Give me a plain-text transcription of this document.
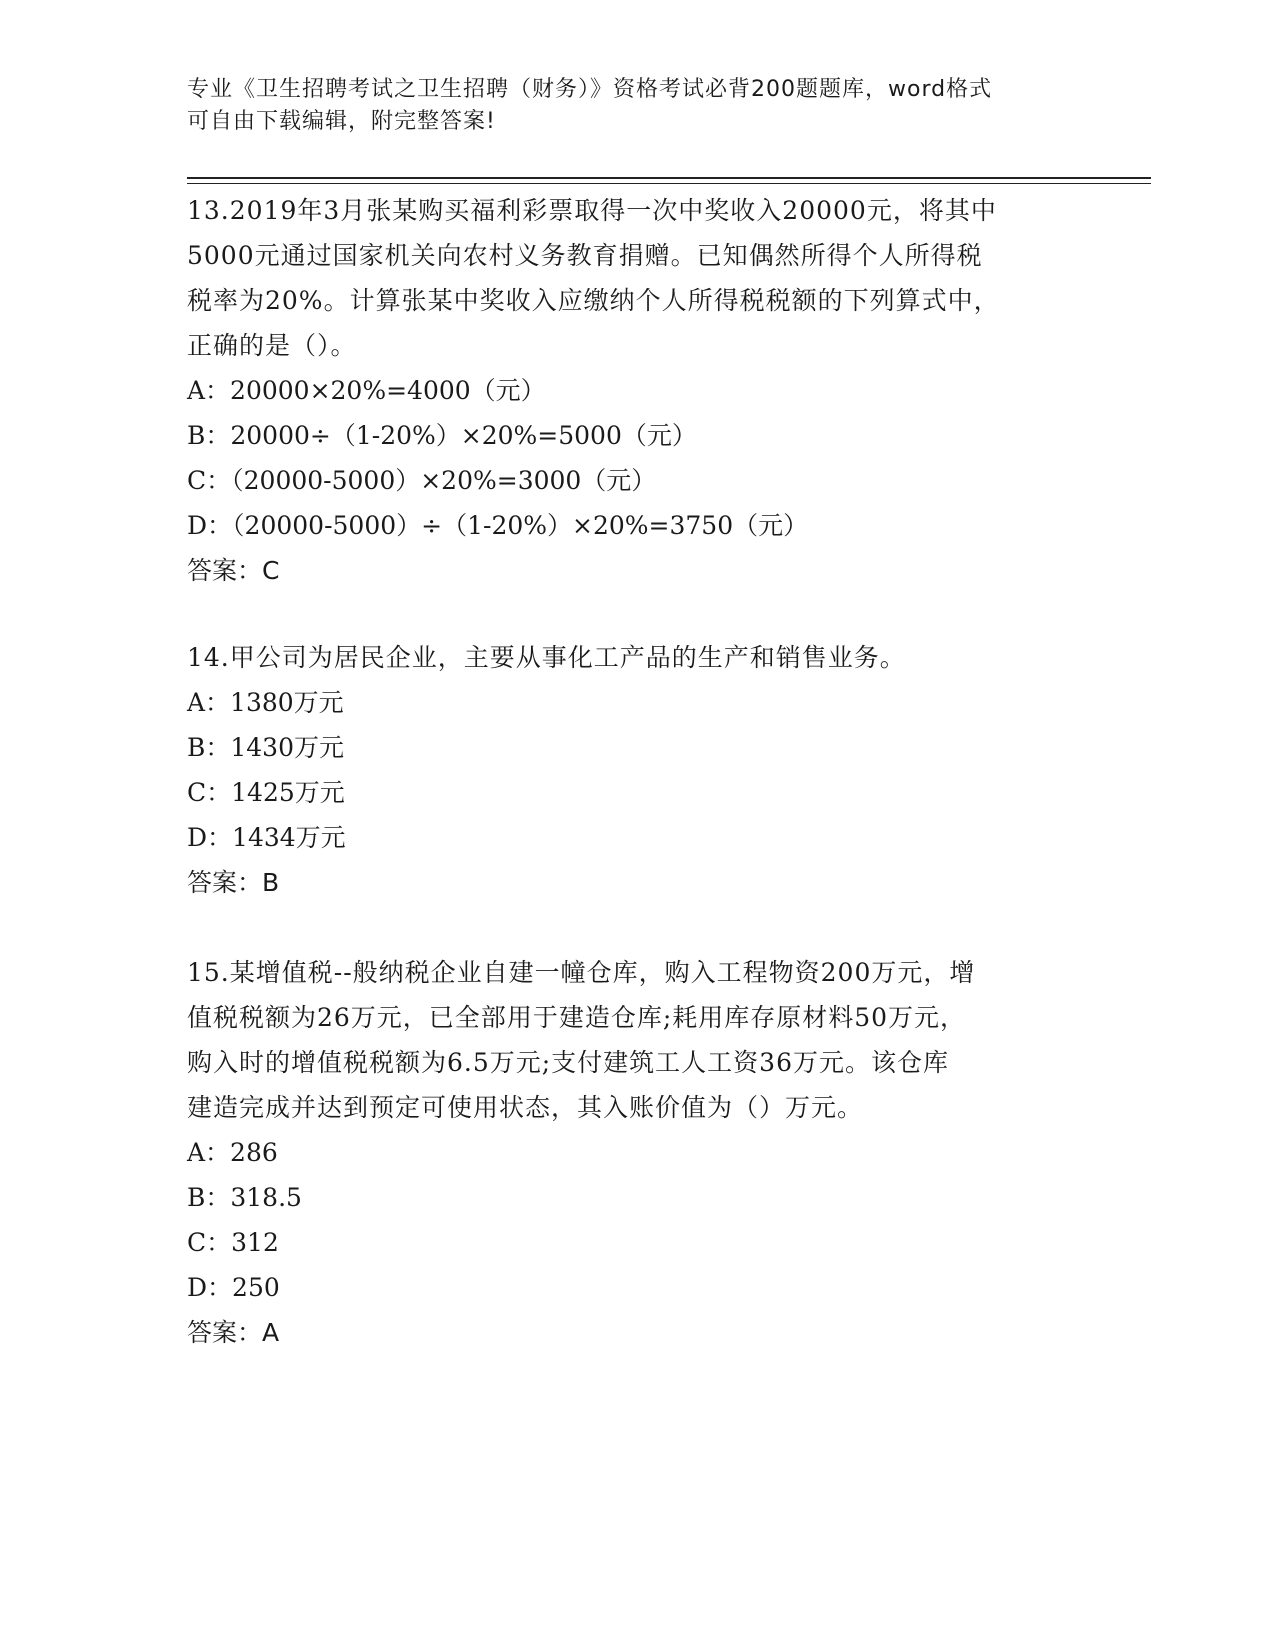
专业《卫生招聘考试之卫生招聘（财务）》资格考试必背200题题库，word格式
可自由下载编辑，附完整答案!
13.2019年3月张某购买福利彩票取得一次中奖收入20000元，将其中
5000元通过国家机关向农村义务教育捐赠。已知偶然所得个人所得税
税率为20%。计算张某中奖收入应缴纳个人所得税税额的下列算式中，
正确的是（）。
A：20000×20%=4000（元）
B：20000÷（1-20%）×20%=5000（元）
C：（20000-5000）×20%=3000（元）
D：（20000-5000）÷（1-20%）×20%=3750（元）
答案：C
14.甲公司为居民企业，主要从事化工产品的生产和销售业务。
A：1380万元
B：1430万元
C：1425万元
D：1434万元
答案：B
15.某增值税--般纳税企业自建一幢仓库，购入工程物资200万元，增
值税税额为26万元，已全部用于建造仓库;耗用库存原材料50万元，
购入时的增值税税额为6.5万元;支付建筑工人工资36万元。该仓库
建造完成并达到预定可使用状态，其入账价值为（）万元。
A：286
B：318.5
C：312
D：250
答案：A
